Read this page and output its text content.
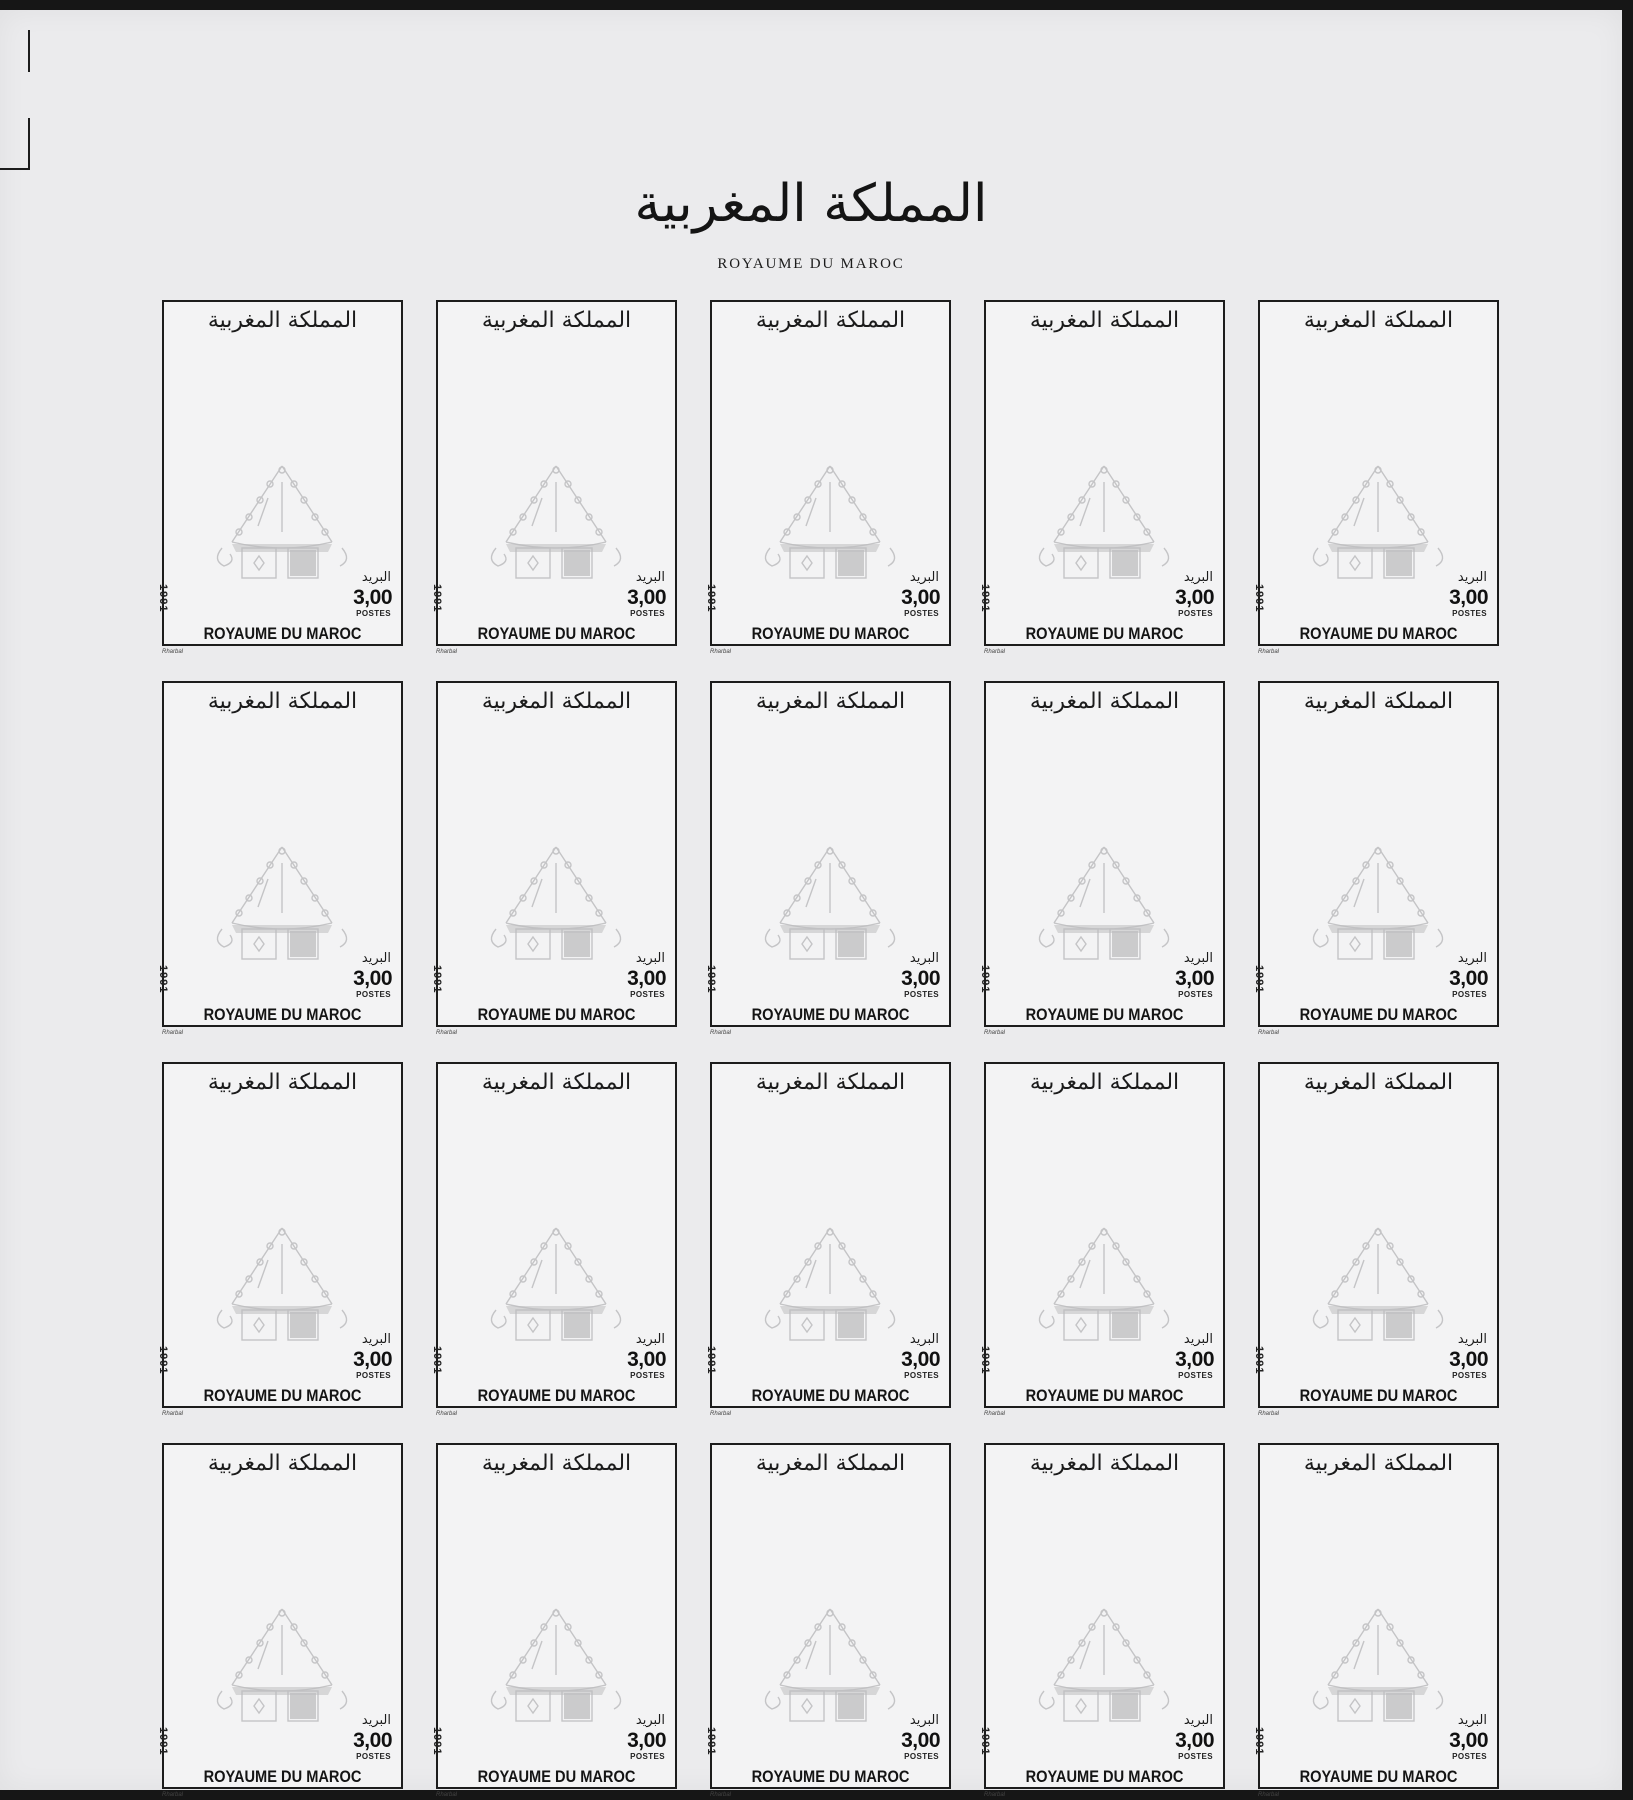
المملكة المغربية
ROYAUME DU MAROC
المملكة المغربية
1991
البريد
3,00
POSTES
ROYAUME DU MAROC
Rharbal
المملكة المغربية
1991
البريد
3,00
POSTES
ROYAUME DU MAROC
Rharbal
المملكة المغربية
1991
البريد
3,00
POSTES
ROYAUME DU MAROC
Rharbal
المملكة المغربية
1991
البريد
3,00
POSTES
ROYAUME DU MAROC
Rharbal
المملكة المغربية
1991
البريد
3,00
POSTES
ROYAUME DU MAROC
Rharbal
المملكة المغربية
1991
البريد
3,00
POSTES
ROYAUME DU MAROC
Rharbal
المملكة المغربية
1991
البريد
3,00
POSTES
ROYAUME DU MAROC
Rharbal
المملكة المغربية
1991
البريد
3,00
POSTES
ROYAUME DU MAROC
Rharbal
المملكة المغربية
1991
البريد
3,00
POSTES
ROYAUME DU MAROC
Rharbal
المملكة المغربية
1991
البريد
3,00
POSTES
ROYAUME DU MAROC
Rharbal
المملكة المغربية
1991
البريد
3,00
POSTES
ROYAUME DU MAROC
Rharbal
المملكة المغربية
1991
البريد
3,00
POSTES
ROYAUME DU MAROC
Rharbal
المملكة المغربية
1991
البريد
3,00
POSTES
ROYAUME DU MAROC
Rharbal
المملكة المغربية
1991
البريد
3,00
POSTES
ROYAUME DU MAROC
Rharbal
المملكة المغربية
1991
البريد
3,00
POSTES
ROYAUME DU MAROC
Rharbal
المملكة المغربية
1991
البريد
3,00
POSTES
ROYAUME DU MAROC
Rharbal
المملكة المغربية
1991
البريد
3,00
POSTES
ROYAUME DU MAROC
Rharbal
المملكة المغربية
1991
البريد
3,00
POSTES
ROYAUME DU MAROC
Rharbal
المملكة المغربية
1991
البريد
3,00
POSTES
ROYAUME DU MAROC
Rharbal
المملكة المغربية
1991
البريد
3,00
POSTES
ROYAUME DU MAROC
Rharbal
